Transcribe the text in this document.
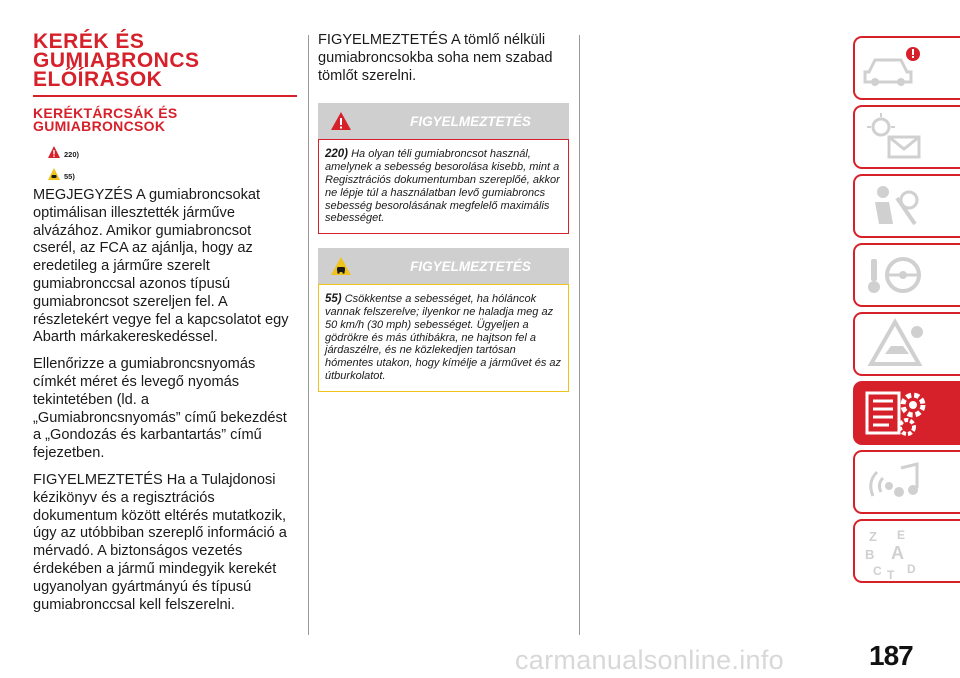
KERÉK ÉS
GUMIABRONCS
ELŐÍRÁSOK
KERÉKTÁRCSÁK ÉS
GUMIABRONCSOK
220)
55)

MEGJEGYZÉS A gumiabroncsokat optimálisan illesztették járműve alvázához. Amikor gumiabroncsot cserél, az FCA az ajánlja, hogy az eredetileg a járműre szerelt gumiabronccsal azonos típusú gumiabroncsot szereljen fel. A részletekért vegye fel a kapcsolatot egy Abarth márkakereskedéssel.

Ellenőrizze a gumiabroncsnyomás címkét méret és levegő nyomás tekintetében (ld. a „Gumiabroncsnyomás” című bekezdést a „Gondozás és karbantartás” című fejezetben.

FIGYELMEZTETÉS Ha a Tulajdonosi kézikönyv és a regisztrációs dokumentum között eltérés mutatkozik, úgy az utóbbiban szereplő információ a mérvadó. A biztonságos vezetés érdekében a jármű mindegyik kerekét ugyanolyan gyártmányú és típusú gumiabronccsal kell felszerelni.

FIGYELMEZTETÉS A tömlő nélküli gumiabroncsokba soha nem szabad tömlőt szerelni.

FIGYELMEZTETÉS
220) Ha olyan téli gumiabroncsot használ, amelynek a sebesség besorolása kisebb, mint a Regisztrációs dokumentumban szereplőé, akkor ne lépje túl a használatban levő gumiabroncs sebesség besorolásának megfelelő maximális sebességet.
FIGYELMEZTETÉS
55) Csökkentse a sebességet, ha hóláncok vannak felszerelve; ilyenkor ne haladja meg az 50 km/h (30 mph) sebességet. Ügyeljen a gödrökre és más úthibákra, ne hajtson fel a járdaszélre, és ne közlekedjen tartósan hómentes utakon, hogy kímélje a járművet és az útburkolatot.
Z E
B A
C T D
187
carmanualsonline.info
